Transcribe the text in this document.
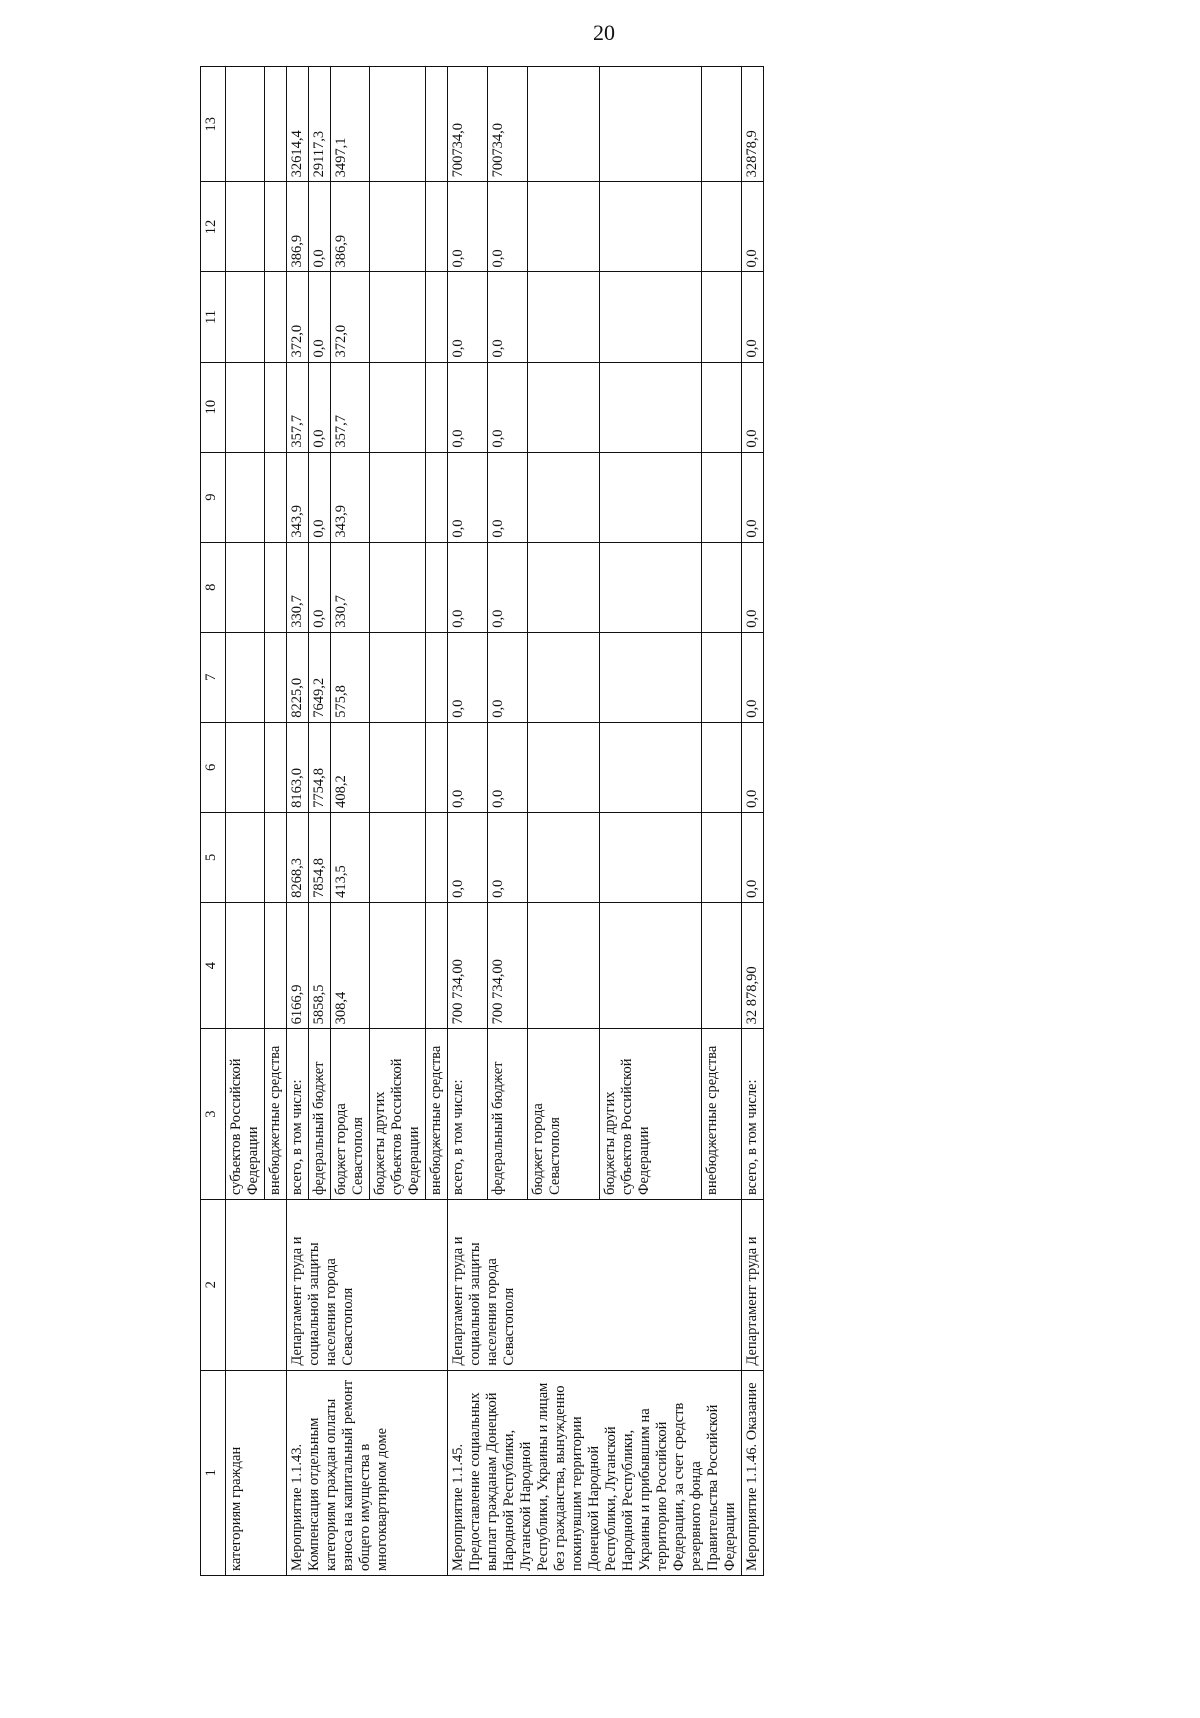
20
1	2	3	4	5	6	7	8	9	10	11	12	13
категориям граждан		субъектов Российской Федерации										
		внебюджетные средства										
Мероприятие 1.1.43. Компенсация отдельным категориям граждан оплаты взноса на капитальный ремонт общего имущества в многоквартирном доме	Департамент труда и социальной защиты населения города Севастополя	всего, в том числе:	6166,9	8268,3	8163,0	8225,0	330,7	343,9	357,7	372,0	386,9	32614,4
		федеральный бюджет	5858,5	7854,8	7754,8	7649,2	0,0	0,0	0,0	0,0	0,0	29117,3
		бюджет города Севастополя	308,4	413,5	408,2	575,8	330,7	343,9	357,7	372,0	386,9	3497,1
		бюджеты других субъектов Российской Федерации										
		внебюджетные средства										
Мероприятие 1.1.45. Предоставление социальных выплат гражданам Донецкой Народной Республики, Луганской Народной Республики, Украины и лицам без гражданства, вынужденно покинувшим территории Донецкой Народной Республики, Луганской Народной Республики, Украины и прибывшим на территорию Российской Федерации, за счет средств резервного фонда Правительства Российской Федерации	Департамент труда и социальной защиты населения города Севастополя	всего, в том числе:	700 734,00	0,0	0,0	0,0	0,0	0,0	0,0	0,0	0,0	700734,0
		федеральный бюджет	700 734,00	0,0	0,0	0,0	0,0	0,0	0,0	0,0	0,0	700734,0
		бюджет города Севастополя										
		бюджеты других субъектов Российской Федерации										
		внебюджетные средства										
Мероприятие 1.1.46. Оказание	Департамент труда и	всего, в том числе:	32 878,90	0,0	0,0	0,0	0,0	0,0	0,0	0,0	0,0	32878,9
